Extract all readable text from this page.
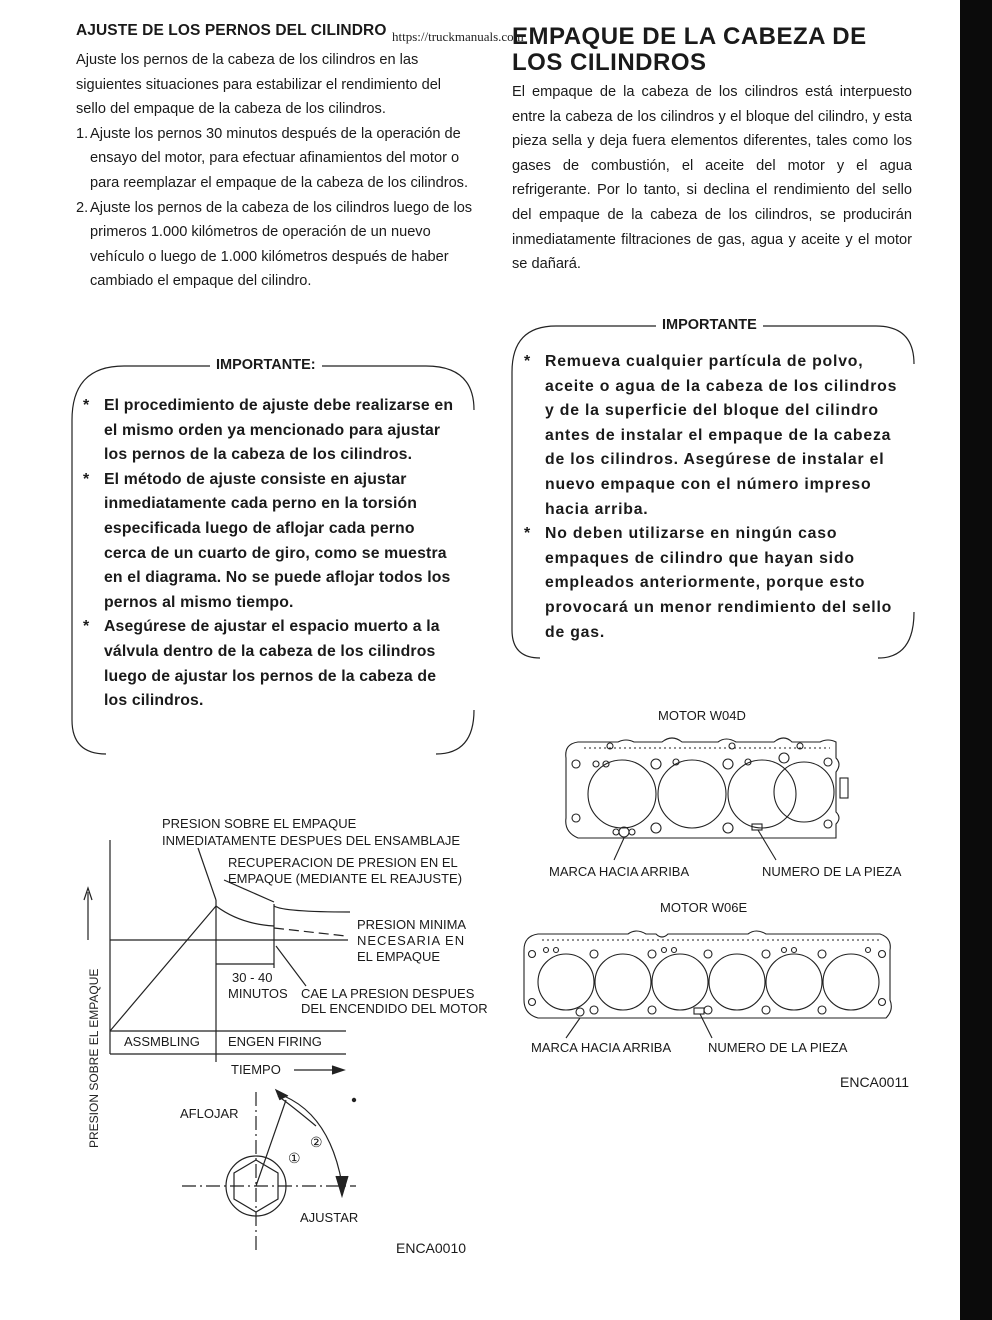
AJUSTE DE LOS PERNOS DEL CILINDRO https://truckmanuals.com

Ajuste los pernos de la cabeza de los cilindros en las siguientes situaciones para estabilizar el rendimiento del sello del empaque de la cabeza de los cilindros.

1. Ajuste los pernos 30 minutos después de la operación de ensayo del motor, para efectuar afinamientos del motor o para reemplazar el empaque de la cabeza de los cilindros.
2. Ajuste los pernos de la cabeza de los cilindros luego de los primeros 1.000 kilómetros de operación de un nuevo vehículo o luego de 1.000 kilómetros después de haber cambiado el empaque del cilindro.
IMPORTANTE:
* El procedimiento de ajuste debe realizarse en el mismo orden ya mencionado para ajustar los pernos de la cabeza de los cilindros.
* El método de ajuste consiste en ajustar inmediatamente cada perno en la torsión especificada luego de aflojar cada perno cerca de un cuarto de giro, como se muestra en el diagrama. No se puede aflojar todos los pernos al mismo tiempo.
* Asegúrese de ajustar el espacio muerto a la válvula dentro de la cabeza de los cilindros luego de ajustar los pernos de la cabeza de los cilindros.
EMPAQUE DE LA CABEZA DE LOS CILINDROS
El empaque de la cabeza de los cilindros está interpuesto entre la cabeza de los cilindros y el bloque del cilindro, y esta pieza sella y deja fuera elementos diferentes, tales como los gases de combustión, el aceite del motor y el agua refrigerante. Por lo tanto, si declina el rendimiento del sello del empaque de la cabeza de los cilindros, se producirán inmediatamente filtraciones de gas, agua y aceite y el motor se dañará.
IMPORTANTE
* Remueva cualquier partícula de polvo, aceite o agua de la cabeza de los cilindros y de la superficie del bloque del cilindro antes de instalar el empaque de la cabeza de los cilindros. Asegúrese de instalar el nuevo empaque con el número impreso hacia arriba.
* No deben utilizarse en ningún caso empaques de cilindro que hayan sido empleados anteriormente, porque esto provocará un menor rendimiento del sello de gas.
PRESION SOBRE EL EMPAQUE
PRESION SOBRE EL EMPAQUE
INMEDIATAMENTE DESPUES DEL ENSAMBLAJE
RECUPERACION DE PRESION EN EL
EMPAQUE (MEDIANTE EL REAJUSTE)
PRESION MINIMA
NECESARIA EN
EL EMPAQUE
30 - 40
MINUTOS CAE LA PRESION DESPUES
DEL ENCENDIDO DEL MOTOR
ASSMBLING ENGEN FIRING
TIEMPO
AFLOJAR
②
①
AJUSTAR
ENCA0010
MOTOR W04D
MARCA HACIA ARRIBA	NUMERO DE LA PIEZA
MOTOR W06E
MARCA HACIA ARRIBA	NUMERO DE LA PIEZA
ENCA0011
